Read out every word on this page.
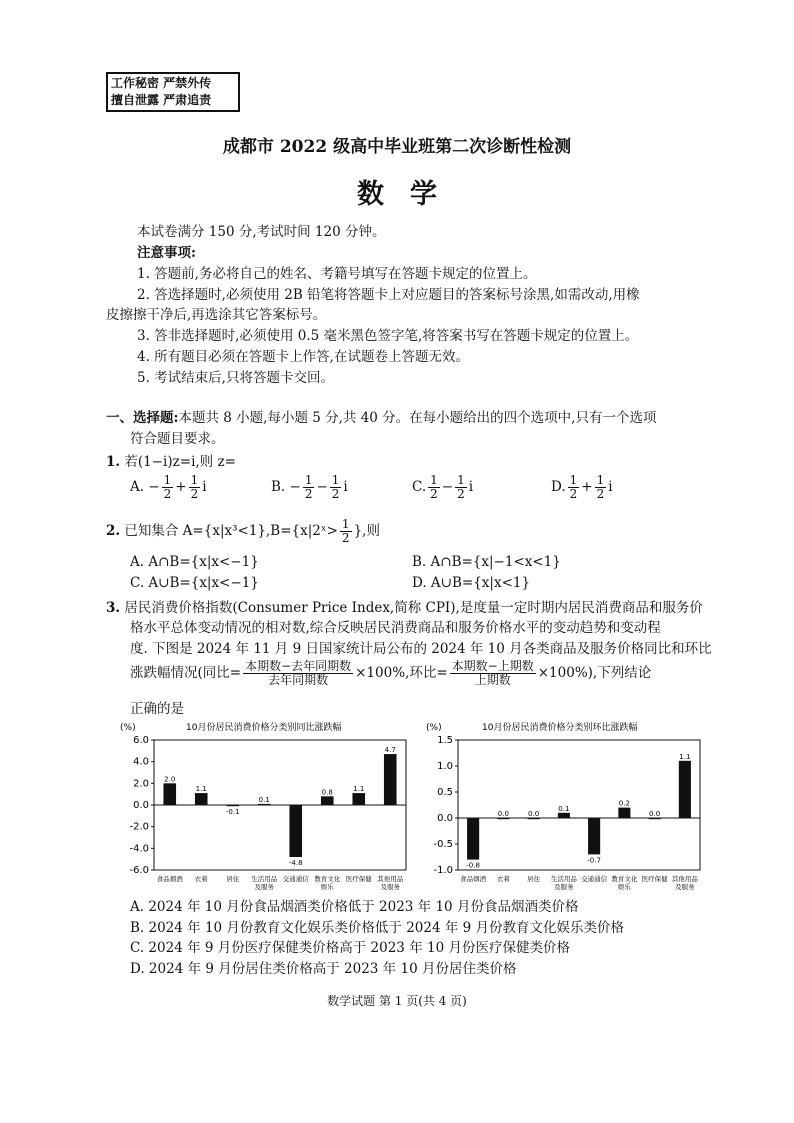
工作秘密 严禁外传
擅自泄露 严肃追责
成都市 2022 级高中毕业班第二次诊断性检测
数学
本试卷满分 150 分,考试时间 120 分钟。
注意事项:
1. 答题前,务必将自己的姓名、考籍号填写在答题卡规定的位置上。
2. 答选择题时,必须使用 2B 铅笔将答题卡上对应题目的答案标号涂黑,如需改动,用橡
皮擦擦干净后,再选涂其它答案标号。
3. 答非选择题时,必须使用 0.5 毫米黑色签字笔,将答案书写在答题卡规定的位置上。
4. 所有题目必须在答题卡上作答,在试题卷上答题无效。
5. 考试结束后,只将答题卡交回。
一、选择题:本题共 8 小题,每小题 5 分,共 40 分。在每小题给出的四个选项中,只有一个选项
符合题目要求。
1. 若(1−i)z=i,则 z=
A. − $\frac{1}{2} + \frac{1}{2}$ i	B. − $\frac{1}{2} - \frac{1}{2}$ i	C. $\frac{1}{2} - \frac{1}{2}$ i	D. $\frac{1}{2} + \frac{1}{2}$ i
2. 已知集合 A={x|x³<1},B={x|2ˣ> $\frac{1}{2}$ },则
A. A∩B={x|x<−1}	B. A∩B={x|−1<x<1}
C. A∪B={x|x<−1}	D. A∪B={x|x<1}
3. 居民消费价格指数(Consumer Price Index,简称 CPI),是度量一定时期内居民消费商品和服务价
格水平总体变动情况的相对数,综合反映居民消费商品和服务价格水平的变动趋势和变动程
度. 下图是 2024 年 11 月 9 日国家统计局公布的 2024 年 10 月各类商品及服务价格同比和环比
涨跌幅情况(同比= $\frac{\text{本期数−去年同期数}}{\text{去年同期数}} \times 100\%$,环比= $\frac{\text{本期数−上期数}}{\text{上期数}} \times 100\%$),下列结论
正确的是
(%)	10月份居民消费价格分类别同比涨跌幅
6.0
4.0
2.0
0.0
-2.0
-4.0
-6.0
2.0
食品烟酒
1.1
衣着
-0.1
居住
0.1
生活用品及服务
-4.8
交通通信
0.8
教育文化娱乐
1.1
医疗保健
4.7
其他用品及服务
(%)	10月份居民消费价格分类别环比涨跌幅
1.5
1.0
0.5
0.0
-0.5
-1.0 -0.8
食品烟酒
0.0
衣着
0.0
居住
0.1
生活用品及服务
-0.7
交通通信
0.2
教育文化娱乐
0.0
医疗保健
1.1
其他用品及服务
A. 2024 年 10 月份食品烟酒类价格低于 2023 年 10 月份食品烟酒类价格
B. 2024 年 10 月份教育文化娱乐类价格低于 2024 年 9 月份教育文化娱乐类价格
C. 2024 年 9 月份医疗保健类价格高于 2023 年 10 月份医疗保健类价格
D. 2024 年 9 月份居住类价格高于 2023 年 10 月份居住类价格
数学试题 第 1 页(共 4 页)
